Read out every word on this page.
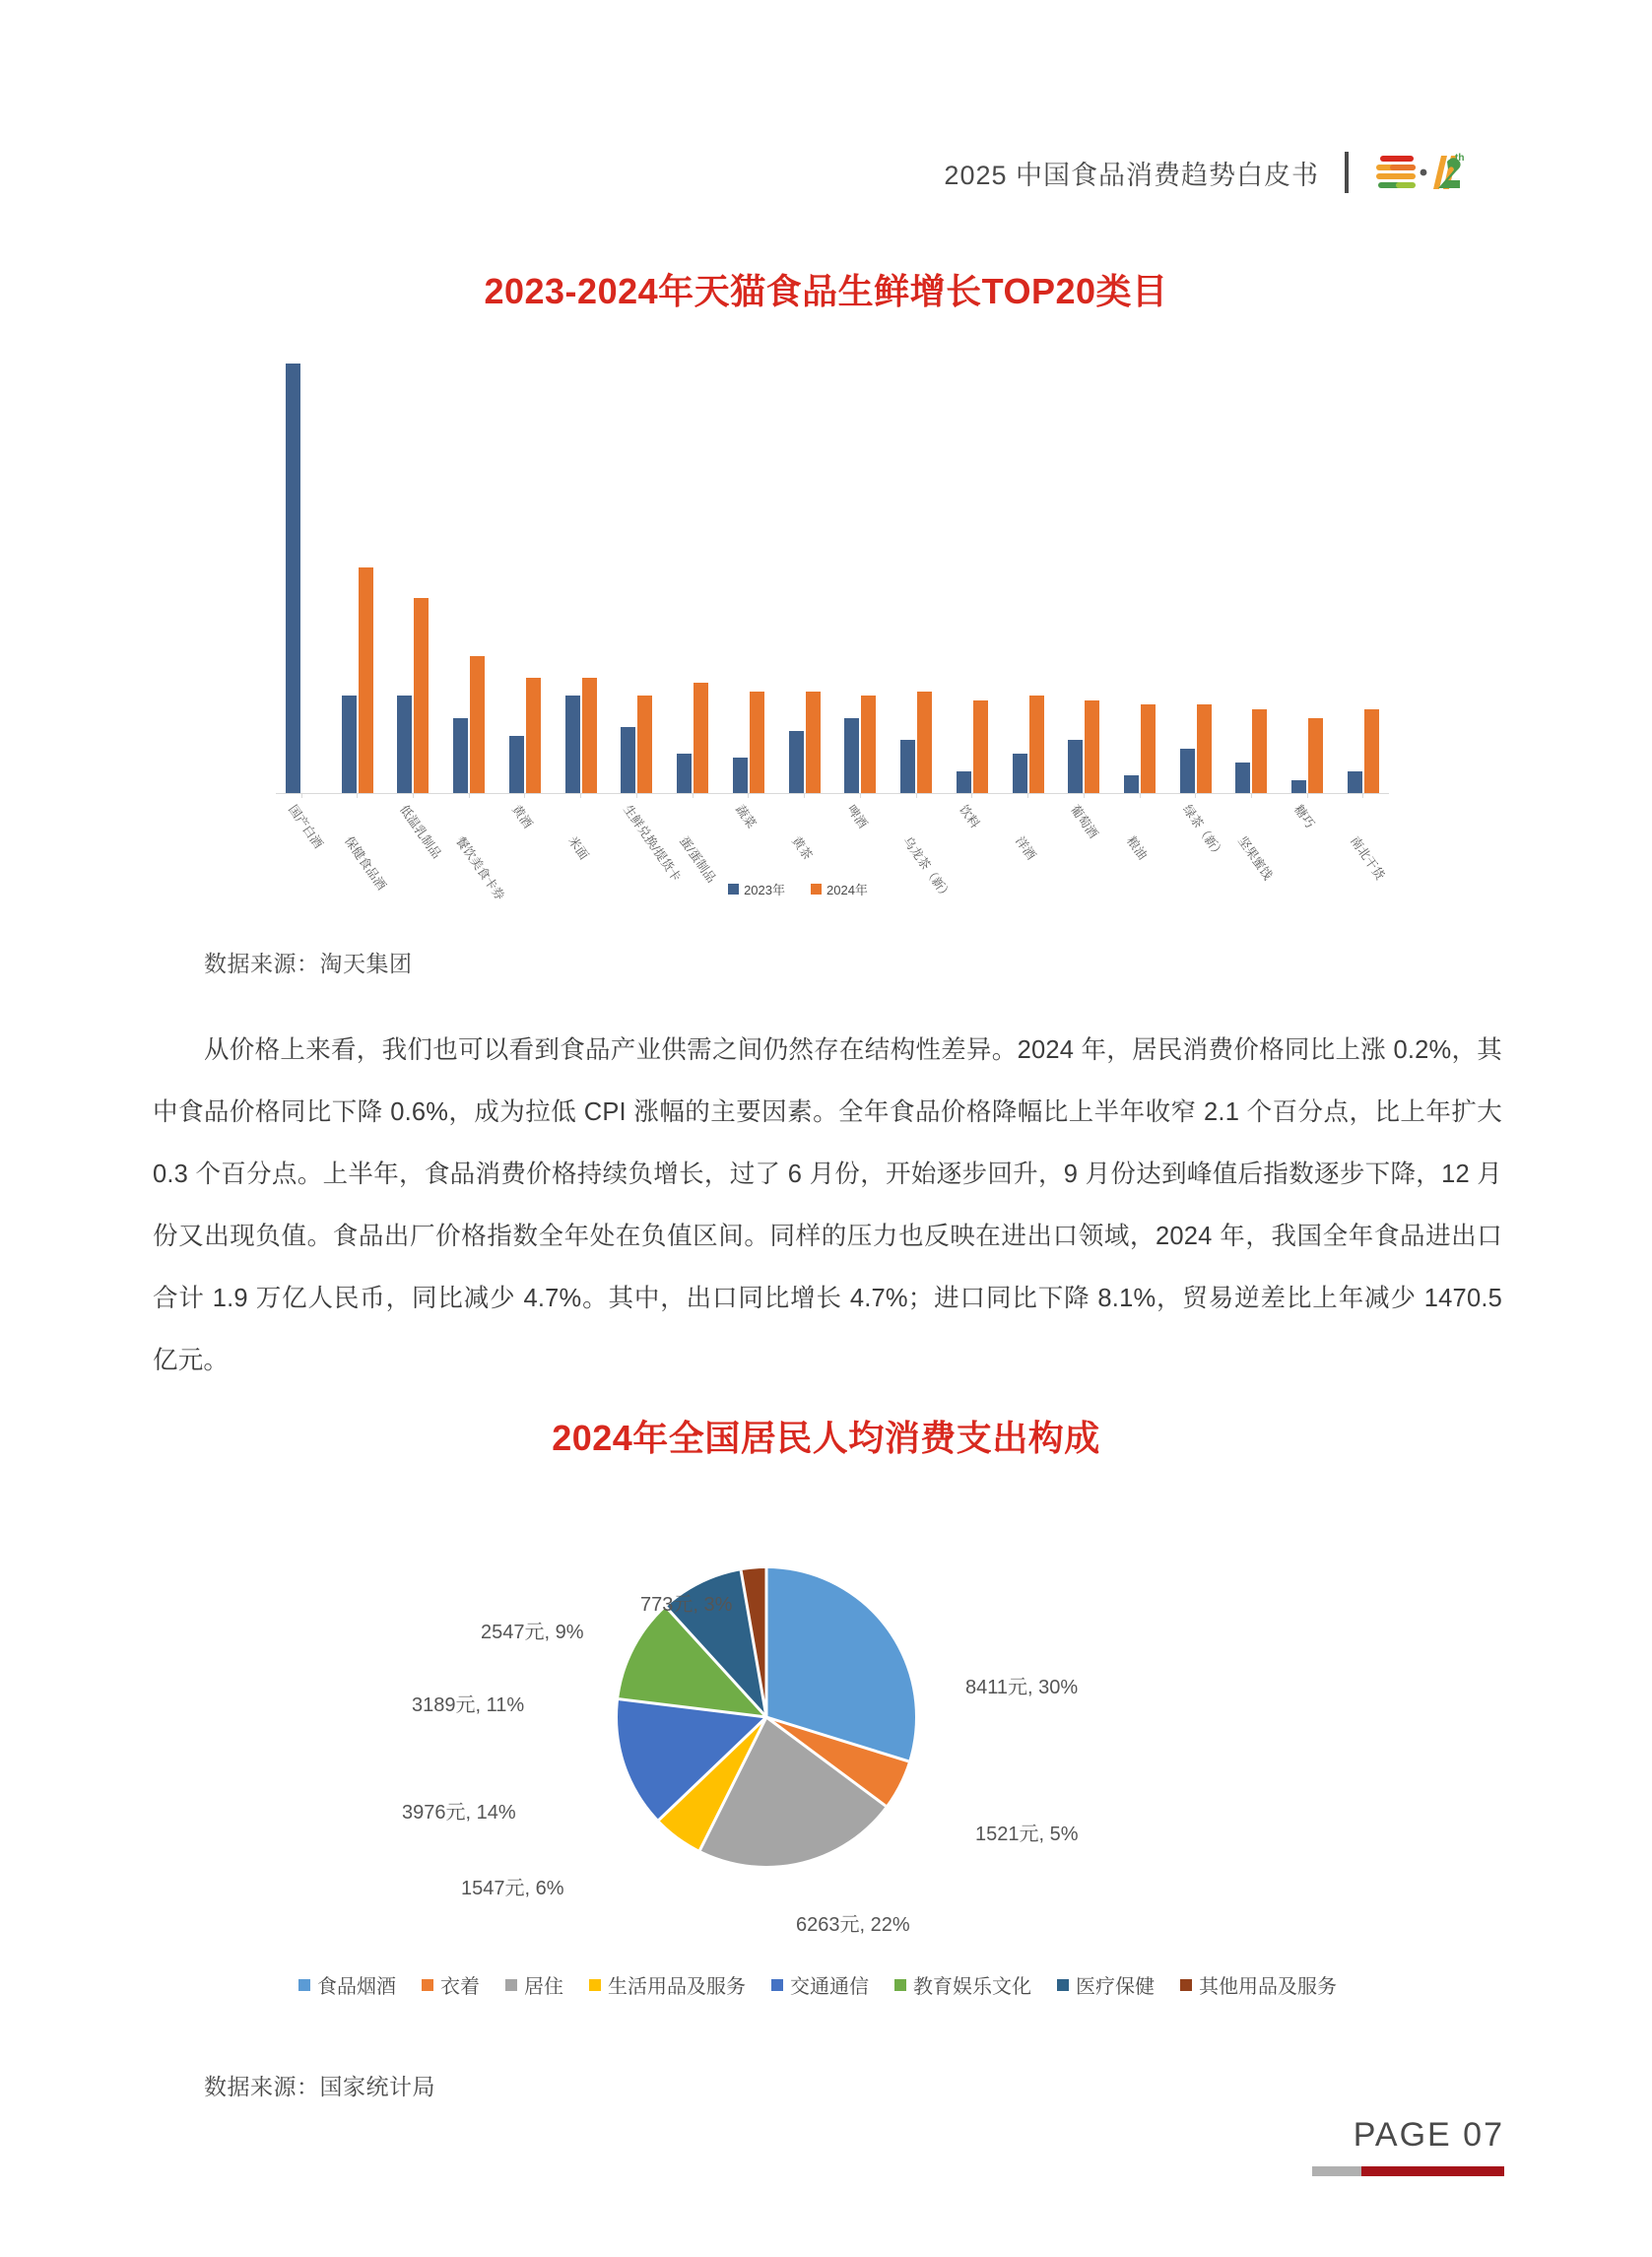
2025 中国食品消费趋势白皮书
th
2023-2024年天猫食品生鲜增长TOP20类目
国产白酒
保健食品酒
低温乳制品
餐饮美食卡券
黄酒
米面 生鲜兑换/提货卡
蛋/蛋制品
蔬菜
黄茶
啤酒
乌龙茶（新）
饮料
洋酒
葡萄酒
粮油 绿茶（新） 坚果蜜饯
糖巧
南北干货
2023年	2024年
数据来源：淘天集团
从价格上来看，我们也可以看到食品产业供需之间仍然存在结构性差异。2024 年，居民消费价格同比上涨 0.2%，其中食品价格同比下降 0.6%，成为拉低 CPI 涨幅的主要因素。全年食品价格降幅比上半年收窄 2.1 个百分点，比上年扩大 0.3 个百分点。上半年，食品消费价格持续负增长，过了 6 月份，开始逐步回升，9 月份达到峰值后指数逐步下降，12 月份又出现负值。食品出厂价格指数全年处在负值区间。同样的压力也反映在进出口领域，2024 年，我国全年食品进出口合计 1.9 万亿人民币，同比减少 4.7%。其中，出口同比增长 4.7%；进口同比下降 8.1%，贸易逆差比上年减少 1470.5 亿元。
2024年全国居民人均消费支出构成
8411元, 30%
1521元, 5%
6263元, 22%
1547元, 6%
3976元, 14%
3189元, 11%
2547元, 9%
773元, 3%
食品烟酒 衣着 居住 生活用品及服务 交通通信 教育娱乐文化 医疗保健 其他用品及服务
数据来源：国家统计局
PAGE 07
